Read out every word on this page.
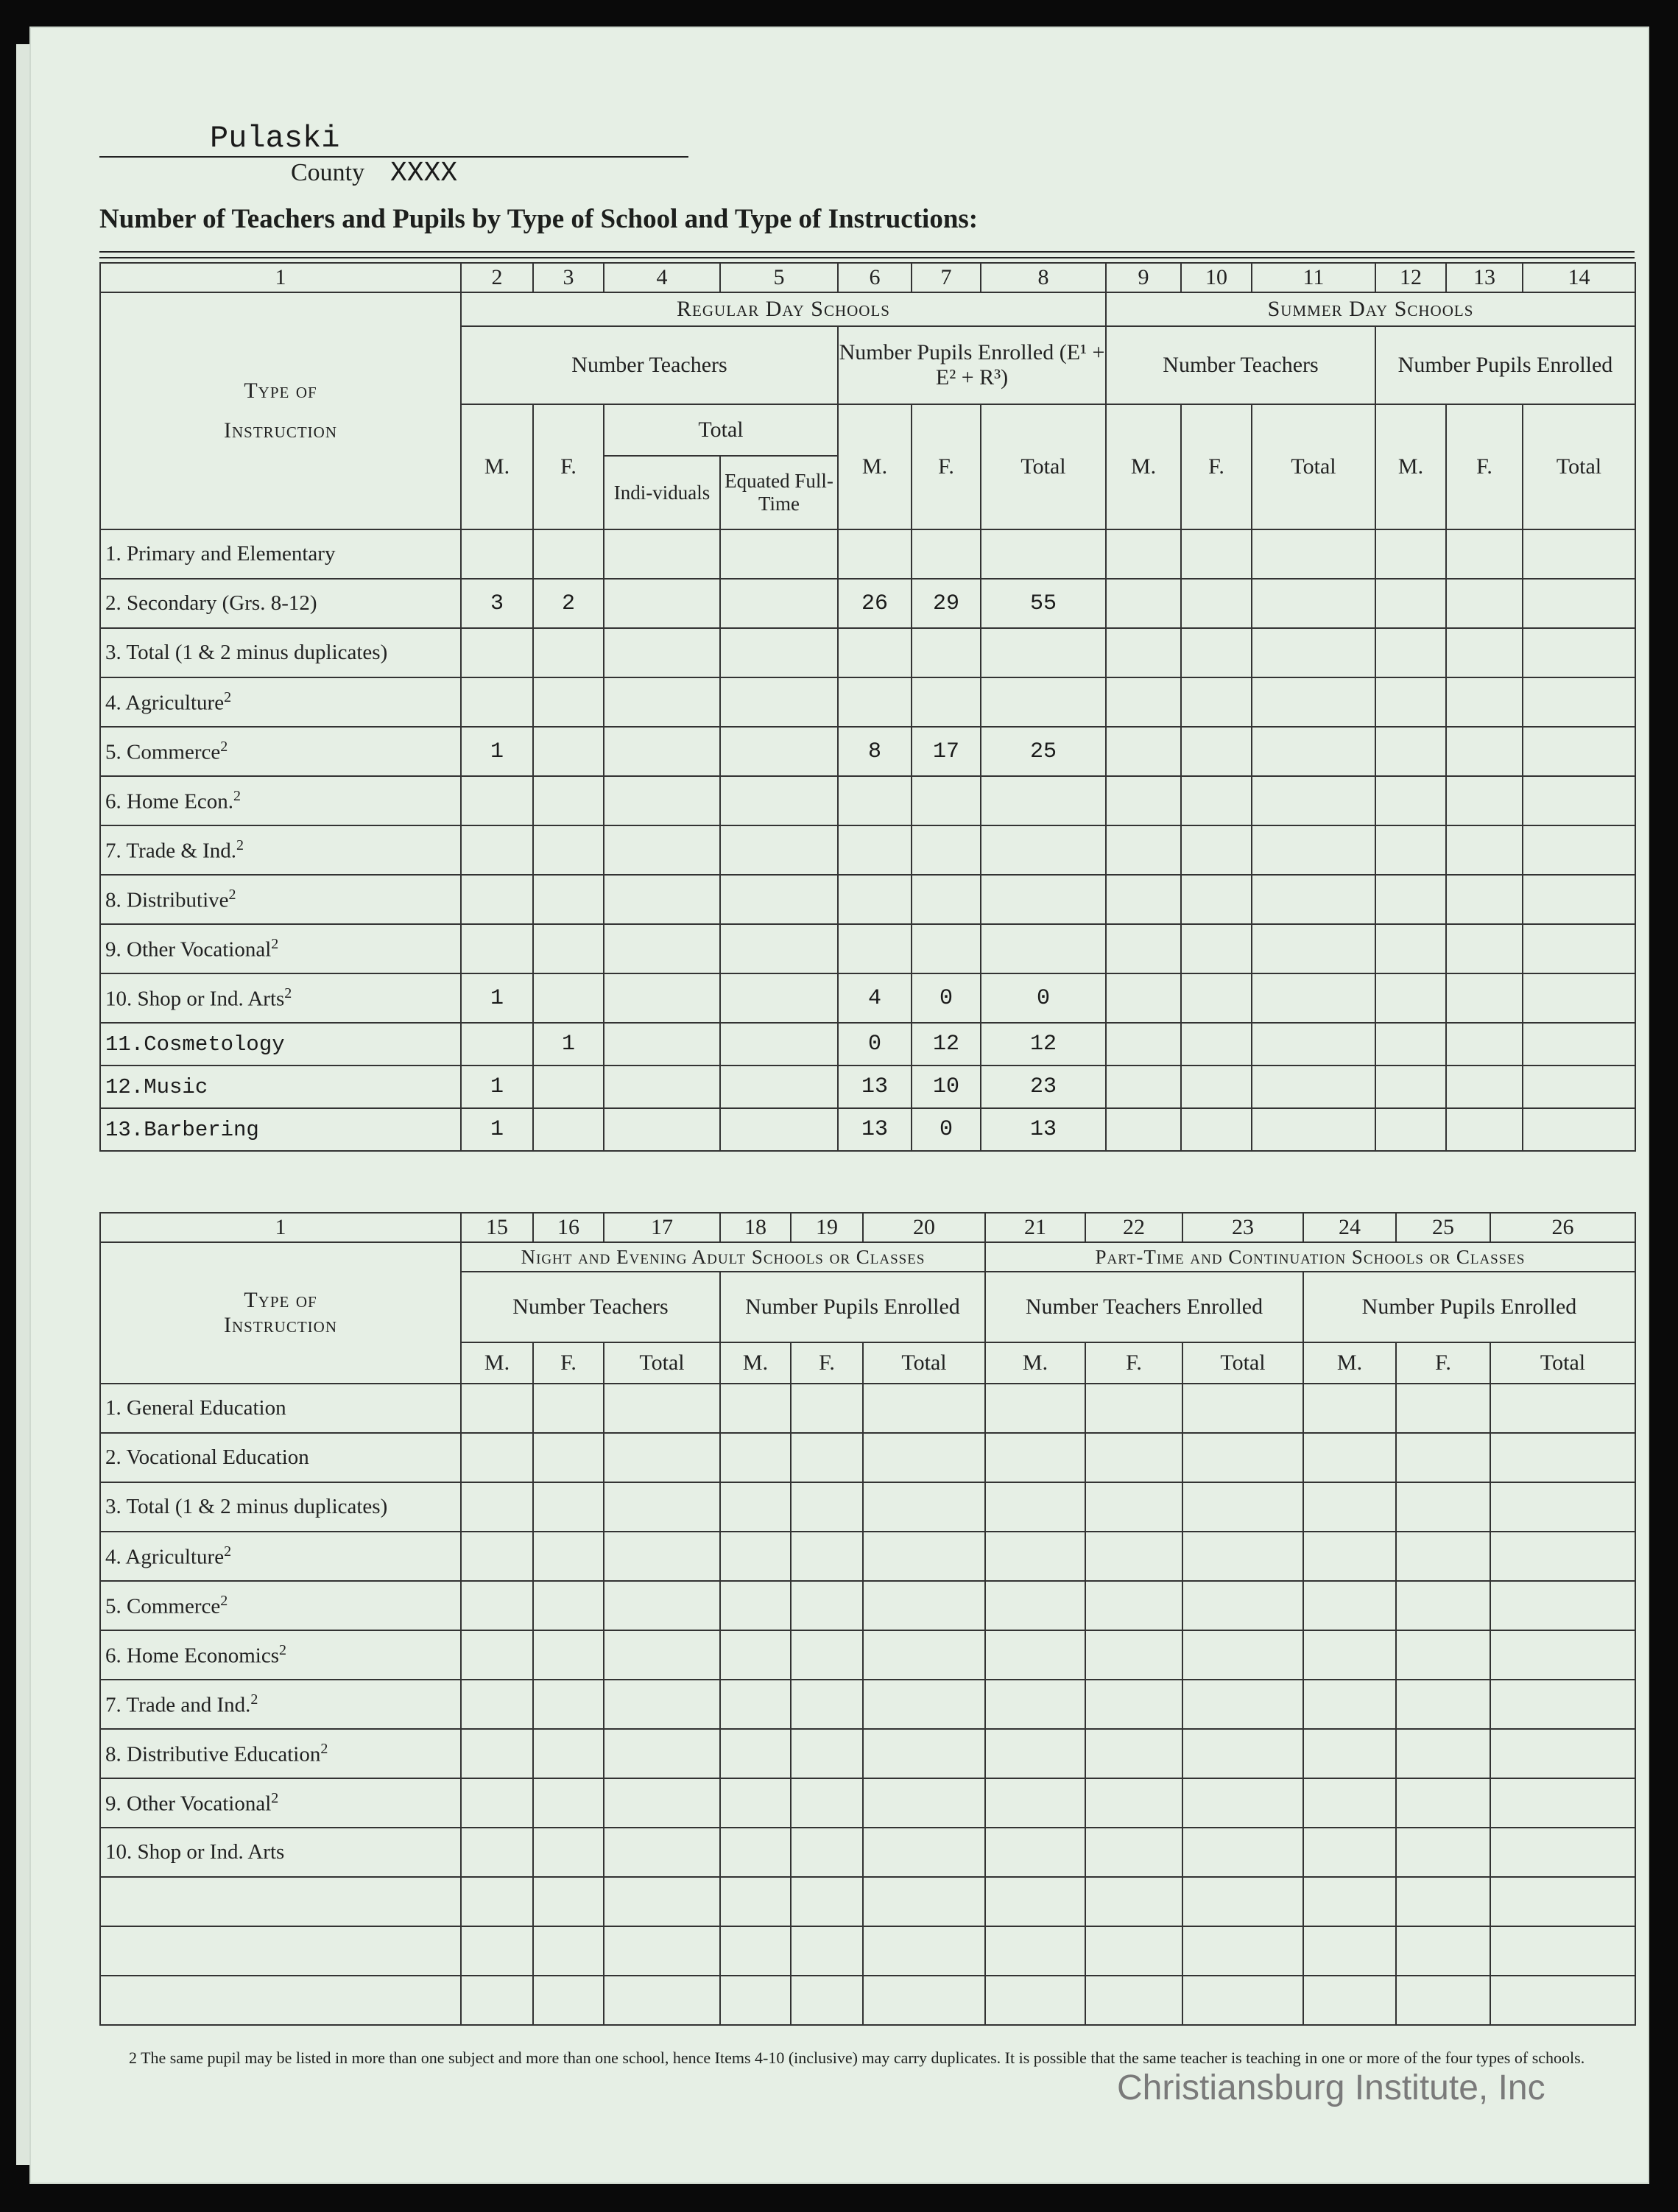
Pulaski
County XXXX
Number of Teachers and Pupils by Type of School and Type of Instructions:
1	2	3	4	5	6	7	8	9	10	11	12	13	14

Type of
Instruction	Regular Day Schools							Summer Day Schools					
	Number Teachers				Number Pupils Enrolled (E¹ + E² + R³)			Number Teachers			Number Pupils Enrolled		
	M.	F.	Total		M.	F.	Total	M.	F.	Total	M.	F.	Total
			Indi-viduals	Equated Full-Time									
1. Primary and Elementary													
2. Secondary (Grs. 8-12)	3	2			26	29	55						
3. Total (1 & 2 minus duplicates)													
4. Agriculture$^2$													
5. Commerce$^2$	1				8	17	25						
6. Home Econ.$^2$													
7. Trade & Ind.$^2$													
8. Distributive$^2$													
9. Other Vocational$^2$													
10. Shop or Ind. Arts$^2$	1				4	0	0						
11.Cosmetology		1			0	12	12						
12.Music	1				13	10	23						
13.Barbering	1				13	0	13						
1	15	16	17	18	19	20	21	22	23	24	25	26

Type of
Instruction	Night and Evening Adult Schools or Classes						Part-Time and Continuation Schools or Classes					
	Number Teachers			Number Pupils Enrolled			Number Teachers Enrolled			Number Pupils Enrolled		
	M.	F.	Total	M.	F.	Total	M.	F.	Total	M.	F.	Total
1. General Education												
2. Vocational Education												
3. Total (1 & 2 minus duplicates)												
4. Agriculture$^2$												
5. Commerce$^2$												
6. Home Economics$^2$												
7. Trade and Ind.$^2$												
8. Distributive Education$^2$												
9. Other Vocational$^2$												
10. Shop or Ind. Arts												

2 The same pupil may be listed in more than one subject and more than one school, hence Items 4-10 (inclusive) may carry duplicates. It is possible that the same teacher is teaching in one or more of the four types of schools.
Christiansburg Institute, Inc
